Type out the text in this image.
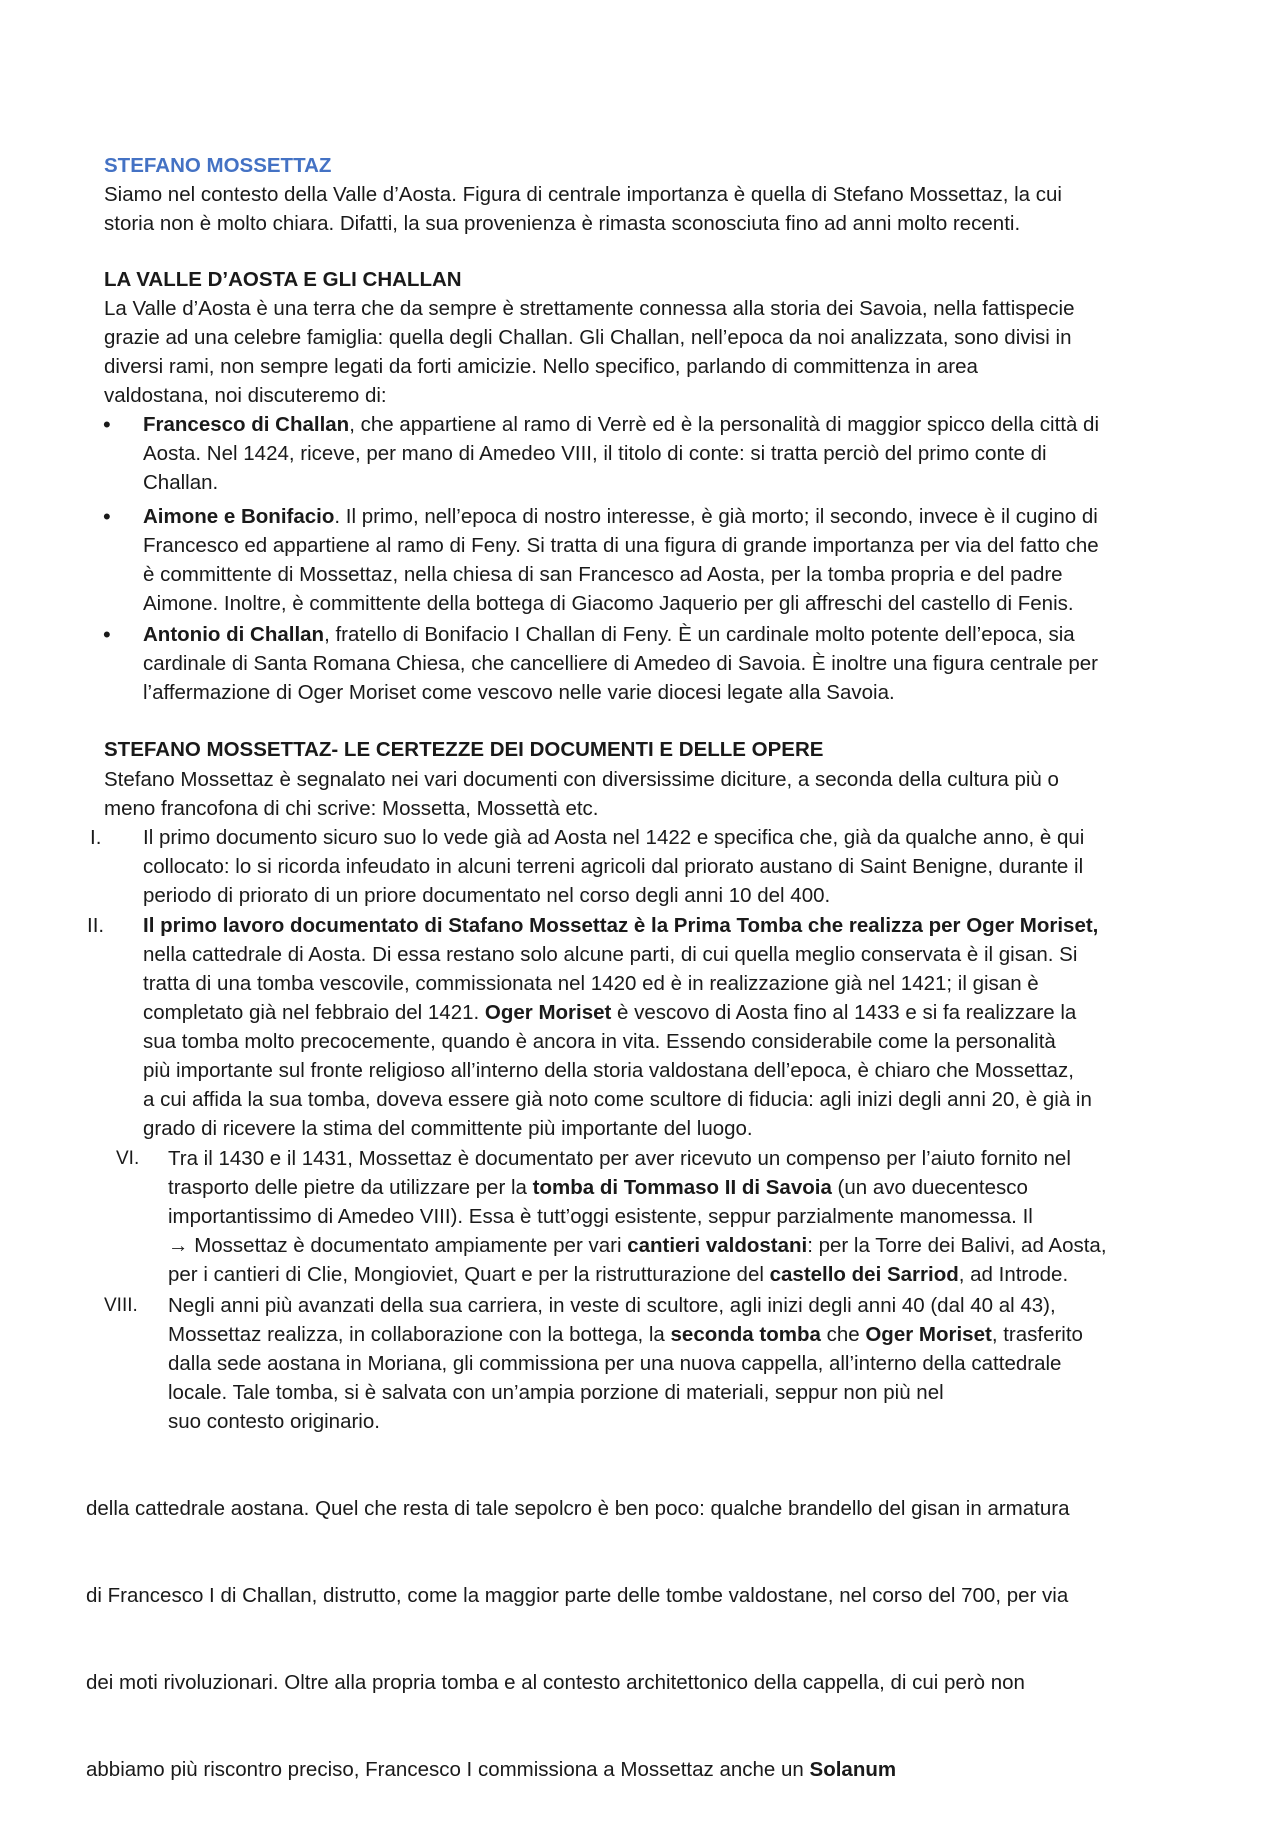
STEFANO MOSSETTAZ
Siamo nel contesto della Valle d’Aosta. Figura di centrale importanza è quella di Stefano Mossettaz, la cui
storia non è molto chiara. Difatti, la sua provenienza è rimasta sconosciuta fino ad anni molto recenti.
LA VALLE D’AOSTA E GLI CHALLAN
La Valle d’Aosta è una terra che da sempre è strettamente connessa alla storia dei Savoia, nella fattispecie
grazie ad una celebre famiglia: quella degli Challan. Gli Challan, nell’epoca da noi analizzata, sono divisi in
diversi rami, non sempre legati da forti amicizie. Nello specifico, parlando di committenza in area
valdostana, noi discuteremo di:
• Francesco di Challan, che appartiene al ramo di Verrè ed è la personalità di maggior spicco della città di
Aosta. Nel 1424, riceve, per mano di Amedeo VIII, il titolo di conte: si tratta perciò del primo conte di
Challan.
• Aimone e Bonifacio. Il primo, nell’epoca di nostro interesse, è già morto; il secondo, invece è il cugino di
Francesco ed appartiene al ramo di Feny. Si tratta di una figura di grande importanza per via del fatto che
è committente di Mossettaz, nella chiesa di san Francesco ad Aosta, per la tomba propria e del padre
Aimone. Inoltre, è committente della bottega di Giacomo Jaquerio per gli affreschi del castello di Fenis.
• Antonio di Challan, fratello di Bonifacio I Challan di Feny. È un cardinale molto potente dell’epoca, sia
cardinale di Santa Romana Chiesa, che cancelliere di Amedeo di Savoia. È inoltre una figura centrale per
l’affermazione di Oger Moriset come vescovo nelle varie diocesi legate alla Savoia.
STEFANO MOSSETTAZ- LE CERTEZZE DEI DOCUMENTI E DELLE OPERE
Stefano Mossettaz è segnalato nei vari documenti con diversissime diciture, a seconda della cultura più o
meno francofona di chi scrive: Mossetta, Mossettà etc.
I. Il primo documento sicuro suo lo vede già ad Aosta nel 1422 e specifica che, già da qualche anno, è qui
collocato: lo si ricorda infeudato in alcuni terreni agricoli dal priorato austano di Saint Benigne, durante il
periodo di priorato di un priore documentato nel corso degli anni 10 del 400.
II. Il primo lavoro documentato di Stafano Mossettaz è la Prima Tomba che realizza per Oger Moriset,
nella cattedrale di Aosta. Di essa restano solo alcune parti, di cui quella meglio conservata è il gisan. Si
tratta di una tomba vescovile, commissionata nel 1420 ed è in realizzazione già nel 1421; il gisan è
completato già nel febbraio del 1421. Oger Moriset è vescovo di Aosta fino al 1433 e si fa realizzare la
sua tomba molto precocemente, quando è ancora in vita. Essendo considerabile come la personalità
più importante sul fronte religioso all’interno della storia valdostana dell’epoca, è chiaro che Mossettaz,
a cui affida la sua tomba, doveva essere già noto come scultore di fiducia: agli inizi degli anni 20, è già in
grado di ricevere la stima del committente più importante del luogo.
VI. Tra il 1430 e il 1431, Mossettaz è documentato per aver ricevuto un compenso per l’aiuto fornito nel
trasporto delle pietre da utilizzare per la tomba di Tommaso II di Savoia (un avo duecentesco
importantissimo di Amedeo VIII). Essa è tutt’oggi esistente, seppur parzialmente manomessa. Il
→ Mossettaz è documentato ampiamente per vari cantieri valdostani: per la Torre dei Balivi, ad Aosta,
per i cantieri di Clie, Mongioviet, Quart e per la ristrutturazione del castello dei Sarriod, ad Introde.
VIII. Negli anni più avanzati della sua carriera, in veste di scultore, agli inizi degli anni 40 (dal 40 al 43),
Mossettaz realizza, in collaborazione con la bottega, la seconda tomba che Oger Moriset, trasferito
dalla sede aostana in Moriana, gli commissiona per una nuova cappella, all’interno della cattedrale
locale. Tale tomba, si è salvata con un’ampia porzione di materiali, seppur non più nel
suo contesto originario.

della cattedrale aostana. Quel che resta di tale sepolcro è ben poco: qualche brandello del gisan in armatura

di Francesco I di Challan, distrutto, come la maggior parte delle tombe valdostane, nel corso del 700, per via

dei moti rivoluzionari. Oltre alla propria tomba e al contesto architettonico della cappella, di cui però non

abbiamo più riscontro preciso, Francesco I commissiona a Mossettaz anche un Solanum
